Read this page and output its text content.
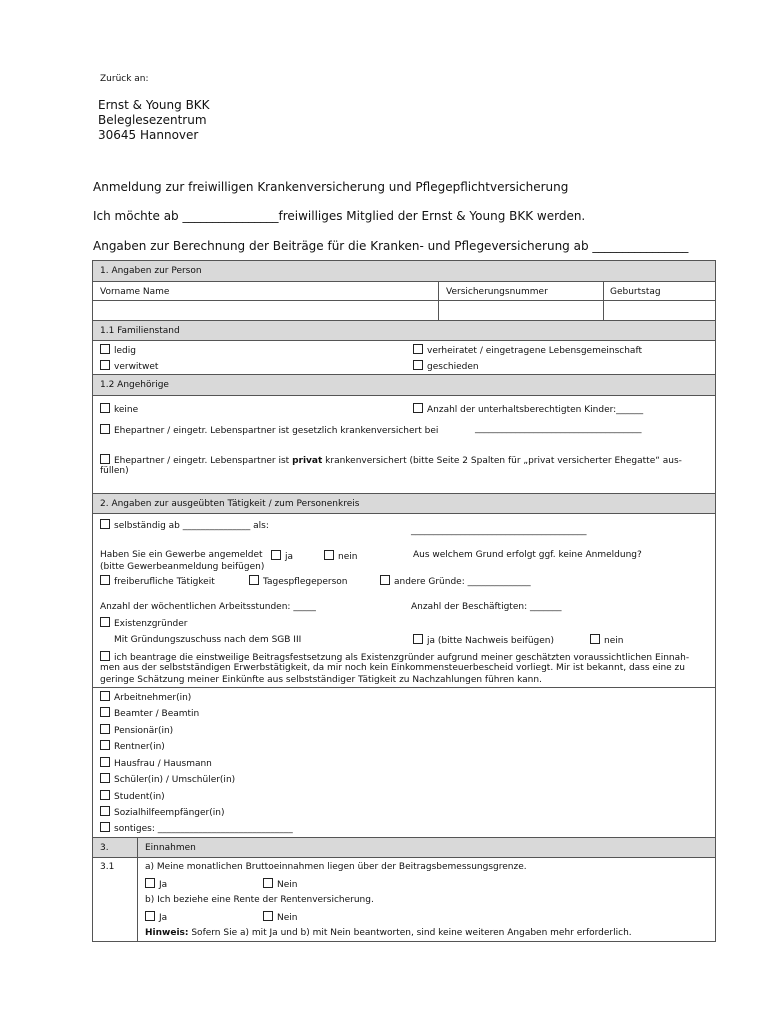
Zurück an:
Ernst & Young BKK
Beleglesezentrum
30645 Hannover
Anmeldung zur freiwilligen Krankenversicherung und Pflegepflichtversicherung
Ich möchte ab ________________freiwilliges Mitglied der Ernst & Young BKK werden.
Angaben zur Berechnung der Beiträge für die Kranken- und Pflegeversicherung ab ________________
1. Angaben zur Person
Vorname Name	Versicherungsnummer	Geburtstag
1.1 Familienstand
ledig	verheiratet / eingetragene Lebensgemeinschaft
verwitwet	geschieden
1.2 Angehörige
keine	Anzahl der unterhaltsberechtigten Kinder:______
Ehepartner / eingetr. Lebenspartner ist gesetzlich krankenversichert bei	_____________________________________
Ehepartner / eingetr. Lebenspartner ist privat krankenversichert (bitte Seite 2 Spalten für „privat versicherter Ehegatte“ aus-
füllen)
2. Angaben zur ausgeübten Tätigkeit / zum Personenkreis
selbständig ab _______________ als:	_______________________________________
Haben Sie ein Gewerbe angemeldet	ja	nein	Aus welchem Grund erfolgt ggf. keine Anmeldung?
(bitte Gewerbeanmeldung beifügen)
freiberufliche Tätigkeit	Tagespflegeperson	andere Gründe: ______________
Anzahl der wöchentlichen Arbeitsstunden: _____	Anzahl der Beschäftigten: _______
Existenzgründer
Mit Gründungszuschuss nach dem SGB III	ja (bitte Nachweis beifügen)	nein
ich beantrage die einstweilige Beitragsfestsetzung als Existenzgründer aufgrund meiner geschätzten voraussichtlichen Einnah-
men aus der selbstständigen Erwerbstätigkeit, da mir noch kein Einkommensteuerbescheid vorliegt. Mir ist bekannt, dass eine zu
geringe Schätzung meiner Einkünfte aus selbstständiger Tätigkeit zu Nachzahlungen führen kann.
Arbeitnehmer(in)
Beamter / Beamtin
Pensionär(in)
Rentner(in)
Hausfrau / Hausmann
Schüler(in) / Umschüler(in)
Student(in)
Sozialhilfeempfänger(in)
sontiges: ______________________________
3.	Einnahmen
3.1	a) Meine monatlichen Bruttoeinnahmen liegen über der Beitragsbemessungsgrenze.
Ja	Nein
b) Ich beziehe eine Rente der Rentenversicherung.
Ja	Nein
Hinweis: Sofern Sie a) mit Ja und b) mit Nein beantworten, sind keine weiteren Angaben mehr erforderlich.
